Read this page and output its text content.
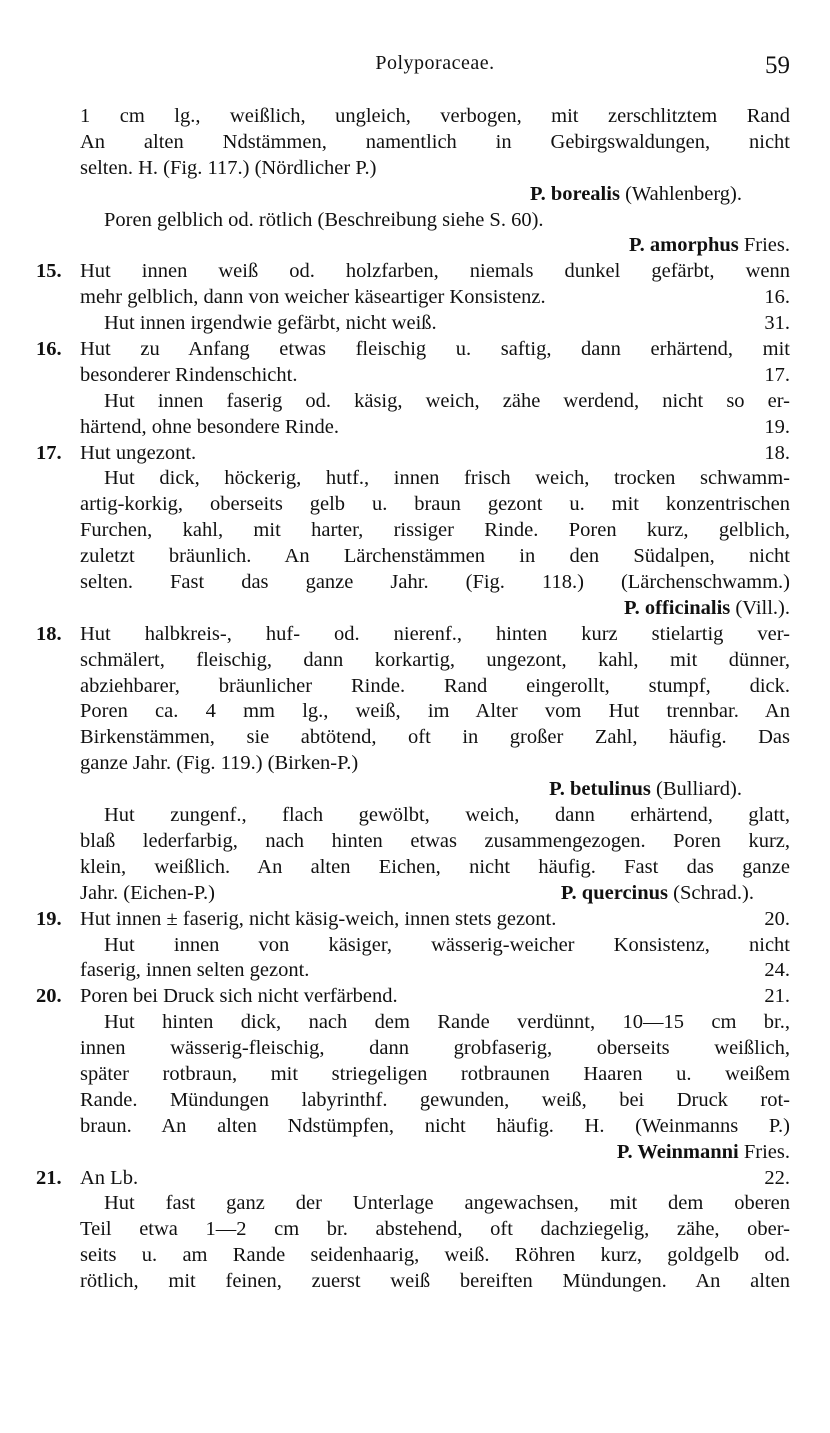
Polyporaceae.	59
1 cm lg., weißlich, ungleich, verbogen, mit zerschlitztem Rand
An alten Ndstämmen, namentlich in Gebirgswaldungen, nicht
selten. H. (Fig. 117.) (Nördlicher P.)
P. borealis (Wahlenberg).
Poren gelblich od. rötlich (Beschreibung siehe S. 60).
P. amorphus Fries.
15. Hut innen weiß od. holzfarben, niemals dunkel gefärbt, wenn
mehr gelblich, dann von weicher käseartiger Konsistenz.	16.
Hut innen irgendwie gefärbt, nicht weiß.	31.
16. Hut zu Anfang etwas fleischig u. saftig, dann erhärtend, mit
besonderer Rindenschicht.	17.
Hut innen faserig od. käsig, weich, zähe werdend, nicht so er-
härtend, ohne besondere Rinde.	19.
17. Hut ungezont.	18.
Hut dick, höckerig, hutf., innen frisch weich, trocken schwamm-
artig-korkig, oberseits gelb u. braun gezont u. mit konzentrischen
Furchen, kahl, mit harter, rissiger Rinde. Poren kurz, gelblich,
zuletzt bräunlich. An Lärchenstämmen in den Südalpen, nicht
selten. Fast das ganze Jahr. (Fig. 118.) (Lärchenschwamm.)
P. officinalis (Vill.).
18. Hut halbkreis-, huf- od. nierenf., hinten kurz stielartig ver-
schmälert, fleischig, dann korkartig, ungezont, kahl, mit dünner,
abziehbarer, bräunlicher Rinde. Rand eingerollt, stumpf, dick.
Poren ca. 4 mm lg., weiß, im Alter vom Hut trennbar. An
Birkenstämmen, sie abtötend, oft in großer Zahl, häufig. Das
ganze Jahr. (Fig. 119.) (Birken-P.)
P. betulinus (Bulliard).
Hut zungenf., flach gewölbt, weich, dann erhärtend, glatt,
blaß lederfarbig, nach hinten etwas zusammengezogen. Poren kurz,
klein, weißlich. An alten Eichen, nicht häufig. Fast das ganze
Jahr. (Eichen-P.)	P. quercinus (Schrad.).
19. Hut innen ± faserig, nicht käsig-weich, innen stets gezont.	20.
Hut innen von käsiger, wässerig-weicher Konsistenz, nicht
faserig, innen selten gezont.	24.
20. Poren bei Druck sich nicht verfärbend.	21.
Hut hinten dick, nach dem Rande verdünnt, 10—15 cm br.,
innen wässerig-fleischig, dann grobfaserig, oberseits weißlich,
später rotbraun, mit striegeligen rotbraunen Haaren u. weißem
Rande. Mündungen labyrinthf. gewunden, weiß, bei Druck rot-
braun. An alten Ndstümpfen, nicht häufig. H. (Weinmanns P.)
P. Weinmanni Fries.
21. An Lb.	22.
Hut fast ganz der Unterlage angewachsen, mit dem oberen
Teil etwa 1—2 cm br. abstehend, oft dachziegelig, zähe, ober-
seits u. am Rande seidenhaarig, weiß. Röhren kurz, goldgelb od.
rötlich, mit feinen, zuerst weiß bereiften Mündungen. An alten
